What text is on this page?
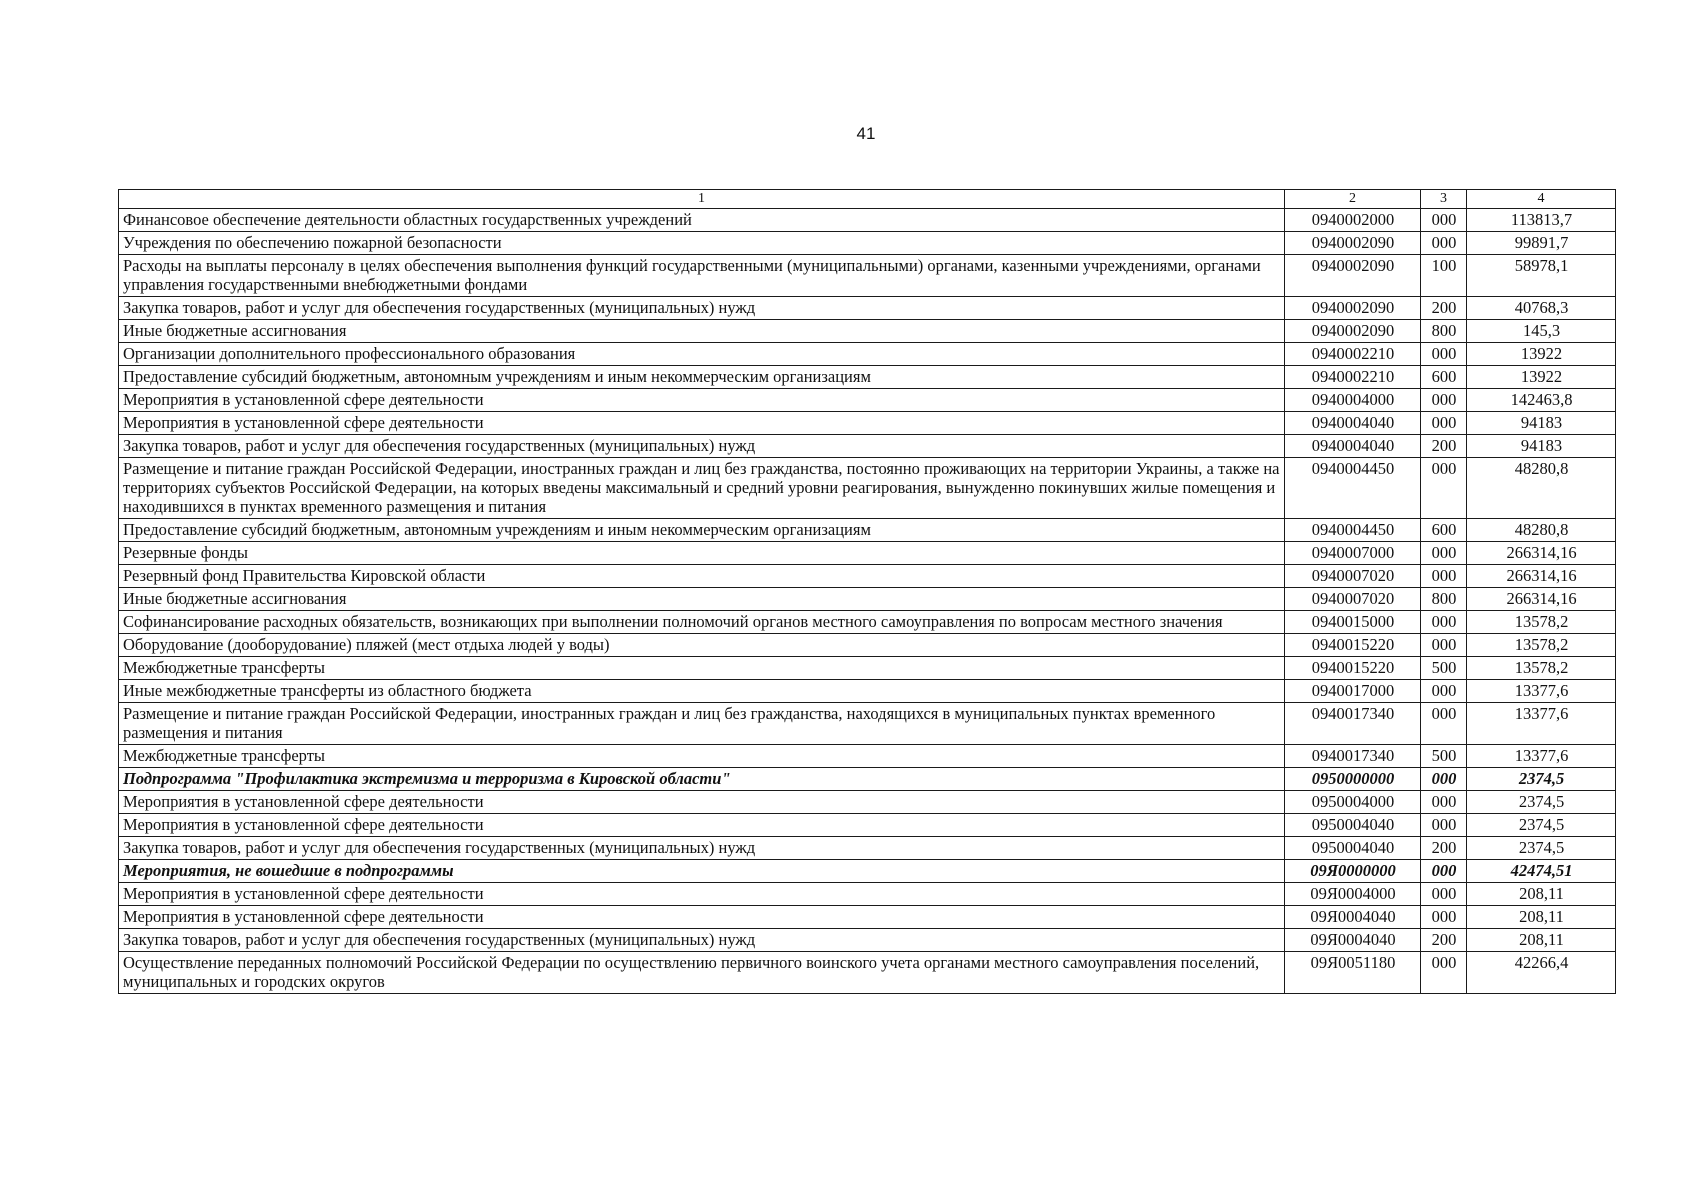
41
1	2	3	4
Финансовое обеспечение деятельности областных государственных учреждений	0940002000	000	113813,7
Учреждения по обеспечению пожарной безопасности	0940002090	000	99891,7
Расходы на выплаты персоналу в целях обеспечения выполнения функций государственными (муниципальными) органами, казенными учреждениями, органами управления государственными внебюджетными фондами	0940002090	100	58978,1
Закупка товаров, работ и услуг для обеспечения государственных (муниципальных) нужд	0940002090	200	40768,3
Иные бюджетные ассигнования	0940002090	800	145,3
Организации дополнительного профессионального образования	0940002210	000	13922
Предоставление субсидий бюджетным, автономным учреждениям и иным некоммерческим организациям	0940002210	600	13922
Мероприятия в установленной сфере деятельности	0940004000	000	142463,8
Мероприятия в установленной сфере деятельности	0940004040	000	94183
Закупка товаров, работ и услуг для обеспечения государственных (муниципальных) нужд	0940004040	200	94183
Размещение и питание граждан Российской Федерации, иностранных граждан и лиц без гражданства, постоянно проживающих на территории Украины, а также на территориях субъектов Российской Федерации, на которых введены максимальный и средний уровни реагирования, вынужденно покинувших жилые помещения и находившихся в пунктах временного размещения и питания	0940004450	000	48280,8
Предоставление субсидий бюджетным, автономным учреждениям и иным некоммерческим организациям	0940004450	600	48280,8
Резервные фонды	0940007000	000	266314,16
Резервный фонд Правительства Кировской области	0940007020	000	266314,16
Иные бюджетные ассигнования	0940007020	800	266314,16
Софинансирование расходных обязательств, возникающих при выполнении полномочий органов местного самоуправления по вопросам местного значения	0940015000	000	13578,2
Оборудование (дооборудование) пляжей (мест отдыха людей у воды)	0940015220	000	13578,2
Межбюджетные трансферты	0940015220	500	13578,2
Иные межбюджетные трансферты из областного бюджета	0940017000	000	13377,6
Размещение и питание граждан Российской Федерации, иностранных граждан и лиц без гражданства, находящихся в муниципальных пунктах временного размещения и питания	0940017340	000	13377,6
Межбюджетные трансферты	0940017340	500	13377,6
Подпрограмма "Профилактика экстремизма и терроризма в Кировской области"	0950000000	000	2374,5
Мероприятия в установленной сфере деятельности	0950004000	000	2374,5
Мероприятия в установленной сфере деятельности	0950004040	000	2374,5
Закупка товаров, работ и услуг для обеспечения государственных (муниципальных) нужд	0950004040	200	2374,5
Мероприятия, не вошедшие в подпрограммы	09Я0000000	000	42474,51
Мероприятия в установленной сфере деятельности	09Я0004000	000	208,11
Мероприятия в установленной сфере деятельности	09Я0004040	000	208,11
Закупка товаров, работ и услуг для обеспечения государственных (муниципальных) нужд	09Я0004040	200	208,11
Осуществление переданных полномочий Российской Федерации по осуществлению первичного воинского учета органами местного самоуправления поселений, муниципальных и городских округов	09Я0051180	000	42266,4
